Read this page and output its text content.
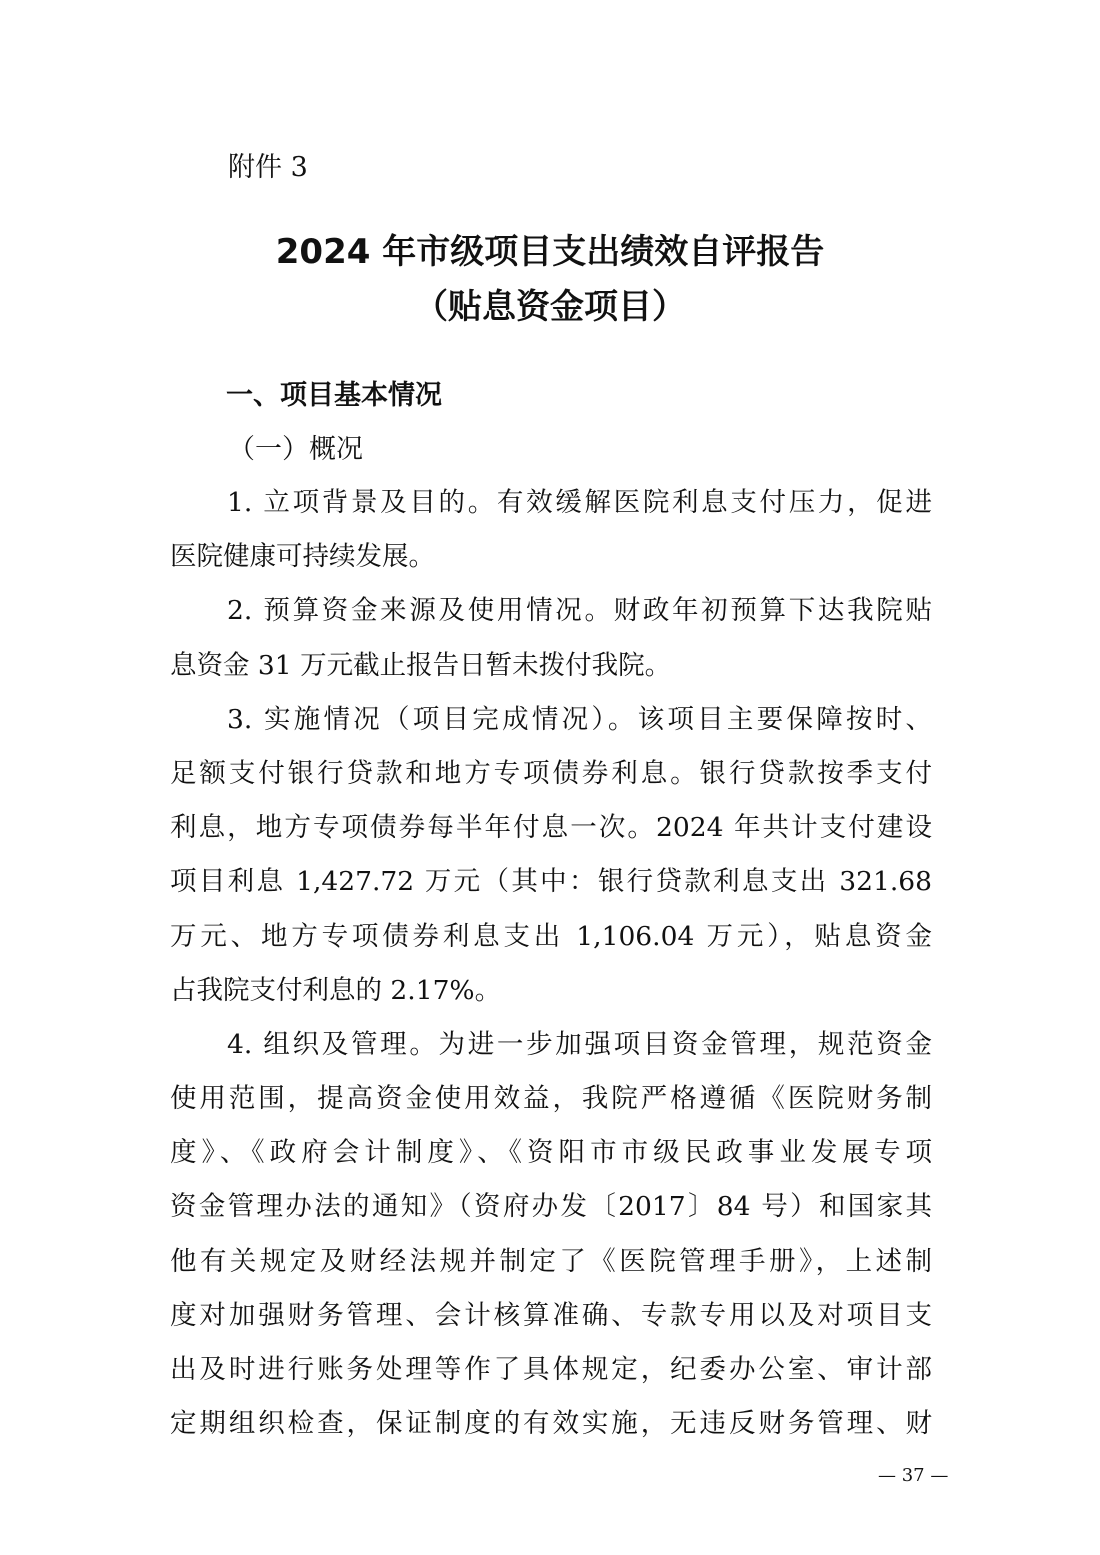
附件 3
2024 年市级项目支出绩效自评报告
（贴息资金项目）
一、项目基本情况
（一）概况
1. 立项背景及目的。有效缓解医院利息支付压力，促进
医院健康可持续发展。
2. 预算资金来源及使用情况。财政年初预算下达我院贴
息资金 31 万元截止报告日暂未拨付我院。
3. 实施情况（项目完成情况）。该项目主要保障按时、
足额支付银行贷款和地方专项债券利息。银行贷款按季支付
利息，地方专项债券每半年付息一次。2024 年共计支付建设
项目利息 1,427.72 万元（其中：银行贷款利息支出 321.68
万元、地方专项债券利息支出 1,106.04 万元），贴息资金
占我院支付利息的 2.17%。
4. 组织及管理。为进一步加强项目资金管理，规范资金
使用范围，提高资金使用效益，我院严格遵循《医院财务制
度》、《政府会计制度》、《资阳市市级民政事业发展专项
资金管理办法的通知》（资府办发〔2017〕84 号）和国家其
他有关规定及财经法规并制定了《医院管理手册》，上述制
度对加强财务管理、会计核算准确、专款专用以及对项目支
出及时进行账务处理等作了具体规定，纪委办公室、审计部
定期组织检查，保证制度的有效实施，无违反财务管理、财
— 37 —
